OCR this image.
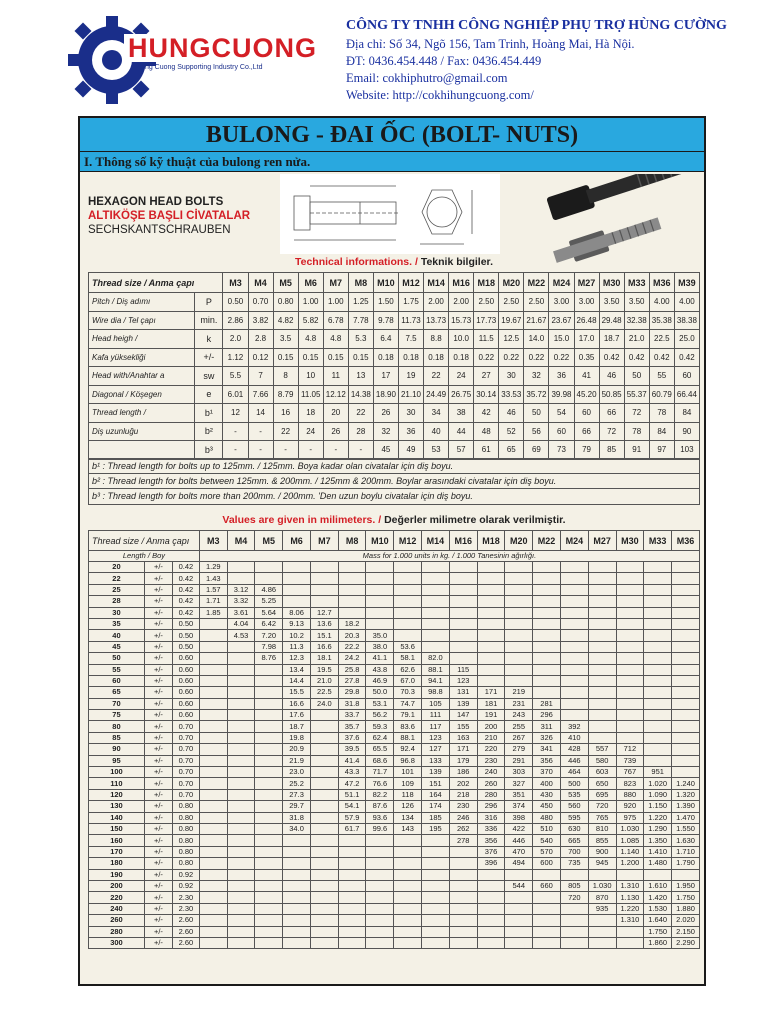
HUNGCUONG
Hung Cuong Supporting Industry Co.,Ltd
CÔNG TY TNHH CÔNG NGHIỆP PHỤ TRỢ HÙNG CƯỜNG
Địa chỉ: Số 34, Ngõ 156, Tam Trinh, Hoàng Mai, Hà Nội.
ĐT: 0436.454.448 / Fax: 0436.454.449
Email: cokhiphutro@gmail.com
Website: http://cokhihungcuong.com/
BULONG - ĐAI ỐC (BOLT- NUTS)
I. Thông số kỹ thuật của bulong ren nửa.
HEXAGON HEAD BOLTS
ALTIKÖŞE BAŞLI CİVATALAR
SECHSKANTSCHRAUBEN
Technical informations. / Teknik bilgiler.
Thread size / Anma çapı		M3	M4	M5	M6	M7	M8	M10	M12	M14	M16	M18	M20	M22	M24	M27	M30	M33	M36	M39
Pitch / Diş adımı	P	0.50	0.70	0.80	1.00	1.00	1.25	1.50	1.75	2.00	2.00	2.50	2.50	2.50	3.00	3.00	3.50	3.50	4.00	4.00
Wire dia / Tel çapı	min.	2.86	3.82	4.82	5.82	6.78	7.78	9.78	11.73	13.73	15.73	17.73	19.67	21.67	23.67	26.48	29.48	32.38	35.38	38.38
Head heigh /	k	2.0	2.8	3.5	4.8	4.8	5.3	6.4	7.5	8.8	10.0	11.5	12.5	14.0	15.0	17.0	18.7	21.0	22.5	25.0
Kafa yüksekliği	+/-	1.12	0.12	0.15	0.15	0.15	0.15	0.18	0.18	0.18	0.18	0.22	0.22	0.22	0.22	0.35	0.42	0.42	0.42	0.42
Head with/Anahtar a	sw	5.5	7	8	10	11	13	17	19	22	24	27	30	32	36	41	46	50	55	60
Diagonal / Köşegen	e	6.01	7.66	8.79	11.05	12.12	14.38	18.90	21.10	24.49	26.75	30.14	33.53	35.72	39.98	45.20	50.85	55.37	60.79	66.44
Thread length /	b¹	12	14	16	18	20	22	26	30	34	38	42	46	50	54	60	66	72	78	84
Diş uzunluğu	b²	-	-	22	24	26	28	32	36	40	44	48	52	56	60	66	72	78	84	90
	b³	-	-	-	-	-	-	45	49	53	57	61	65	69	73	79	85	91	97	103
b¹ : Thread length for bolts up to 125mm. / 125mm. Boya kadar olan civatalar için diş boyu.
b² : Thread length for bolts between 125mm. & 200mm. / 125mm & 200mm. Boylar arasındaki civatalar için diş boyu.
b³ : Thread length for bolts more than 200mm. / 200mm. 'Den uzun boylu civatalar için diş boyu.
Values are given in milimeters. / Değerler milimetre olarak verilmiştir.
Thread size / Anma çapı			M3	M4	M5	M6	M7	M8	M10	M12	M14	M16	M18	M20	M22	M24	M27	M30	M33	M36
Length / Boy			Mass for 1.000 units in kg. / 1.000 Tanesinin ağırlığı.																	
20	+/-	0.42	1.29																	
22	+/-	0.42	1.43																	
25	+/-	0.42	1.57	3.12	4.86															
28	+/-	0.42	1.71	3.32	5.25															
30	+/-	0.42	1.85	3.61	5.64	8.06	12.7													
35	+/-	0.50		4.04	6.42	9.13	13.6	18.2												
40	+/-	0.50		4.53	7.20	10.2	15.1	20.3	35.0											
45	+/-	0.50			7.98	11.3	16.6	22.2	38.0	53.6										
50	+/-	0.60			8.76	12.3	18.1	24.2	41.1	58.1	82.0									
55	+/-	0.60				13.4	19.5	25.8	43.8	62.6	88.1	115								
60	+/-	0.60				14.4	21.0	27.8	46.9	67.0	94.1	123								
65	+/-	0.60				15.5	22.5	29.8	50.0	70.3	98.8	131	171	219						
70	+/-	0.60				16.6	24.0	31.8	53.1	74.7	105	139	181	231	281					
75	+/-	0.60				17.6		33.7	56.2	79.1	111	147	191	243	296					
80	+/-	0.70				18.7		35.7	59.3	83.6	117	155	200	255	311	392				
85	+/-	0.70				19.8		37.6	62.4	88.1	123	163	210	267	326	410				
90	+/-	0.70				20.9		39.5	65.5	92.4	127	171	220	279	341	428	557	712		
95	+/-	0.70				21.9		41.4	68.6	96.8	133	179	230	291	356	446	580	739		
100	+/-	0.70				23.0		43.3	71.7	101	139	186	240	303	370	464	603	767	951	
110	+/-	0.70				25.2		47.2	76.6	109	151	202	260	327	400	500	650	823	1.020	1.240
120	+/-	0.70				27.3		51.1	82.2	118	164	218	280	351	430	535	695	880	1.090	1.320
130	+/-	0.80				29.7		54.1	87.6	126	174	230	296	374	450	560	720	920	1.150	1.390
140	+/-	0.80				31.8		57.9	93.6	134	185	246	316	398	480	595	765	975	1.220	1.470
150	+/-	0.80				34.0		61.7	99.6	143	195	262	336	422	510	630	810	1.030	1.290	1.550
160	+/-	0.80										278	356	446	540	665	855	1.085	1.350	1.630
170	+/-	0.80											376	470	570	700	900	1.140	1.410	1.710
180	+/-	0.80											396	494	600	735	945	1.200	1.480	1.790
190	+/-	0.92																		
200	+/-	0.92												544	660	805	1.030	1.310	1.610	1.950
220	+/-	2.30														720	870	1.130	1.420	1.750
240	+/-	2.30															935	1.220	1.530	1.880
260	+/-	2.60																1.310	1.640	2.020
280	+/-	2.60																	1.750	2.150
300	+/-	2.60																	1.860	2.290
